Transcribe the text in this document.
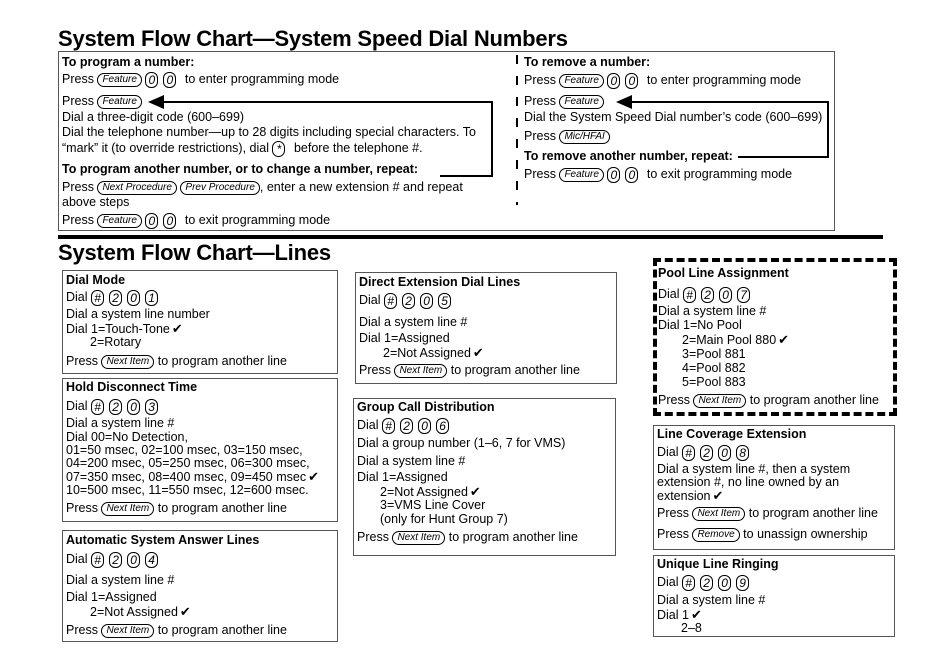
System Flow Chart—System Speed Dial Numbers
To program a number:
Press Feature 0 0 to enter programming mode
Press Feature
Dial a three-digit code (600–699)
Dial the telephone number—up to 28 digits including special characters. To
“mark” it (to override restrictions), dial * before the telephone #.
To program another number, or to change a number, repeat:
Press Next Procedure Prev Procedure , enter a new extension # and repeat
above steps
Press Feature 0 0 to exit programming mode
To remove a number:
Press Feature 0 0 to enter programming mode
Press Feature
Dial the System Speed Dial number’s code (600–699)
Press Mic/HFAI
To remove another number, repeat:
Press Feature 0 0 to exit programming mode
System Flow Chart—Lines
Dial Mode
Dial # 2 0 1
Dial a system line number
Dial 1=Touch-Tone ✔
2=Rotary
Press Next Item to program another line
Hold Disconnect Time
Dial # 2 0 3
Dial a system line #
Dial 00=No Detection,
01=50 msec, 02=100 msec, 03=150 msec,
04=200 msec, 05=250 msec, 06=300 msec,
07=350 msec, 08=400 msec, 09=450 msec ✔
10=500 msec, 11=550 msec, 12=600 msec.
Press Next Item to program another line
Automatic System Answer Lines
Dial # 2 0 4
Dial a system line #
Dial 1=Assigned
2=Not Assigned ✔
Press Next Item to program another line
Direct Extension Dial Lines
Dial # 2 0 5
Dial a system line #
Dial 1=Assigned
2=Not Assigned ✔
Press Next Item to program another line
Group Call Distribution
Dial # 2 0 6
Dial a group number (1–6, 7 for VMS)
Dial a system line #
Dial 1=Assigned
2=Not Assigned ✔
3=VMS Line Cover
(only for Hunt Group 7)
Press Next Item to program another line
Pool Line Assignment
Dial # 2 0 7
Dial a system line #
Dial 1=No Pool
2=Main Pool 880 ✔
3=Pool 881
4=Pool 882
5=Pool 883
Press Next Item to program another line
Line Coverage Extension
Dial # 2 0 8
Dial a system line #, then a system
extension #, no line owned by an
extension ✔
Press Next Item to program another line
Press Remove to unassign ownership
Unique Line Ringing
Dial # 2 0 9
Dial a system line #
Dial 1 ✔
2–8
